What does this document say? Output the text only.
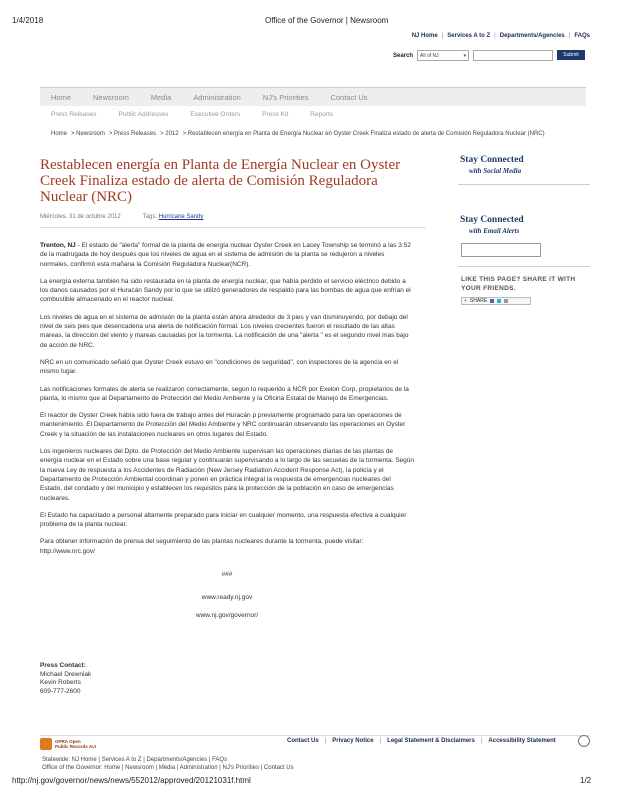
1/4/2018	Office of the Governor | Newsroom
NJ Home | Services A to Z | Departments/Agencies | FAQs
Search All of NJ	▾	Submit
Home	Newsroom	Media	Administration	NJ's Priorities	Contact Us
Press Releases	Public Addresses	Executive Orders	Press Kit	Reports
Home > Newsroom > Press Releases > 2012 > Restablecen energía en Planta de Energía Nuclear en Oyster Creek Finaliza estado de alerta de Comisión Reguladora Nuclear (NRC)
Restablecen energía en Planta de Energía Nuclear en Oyster Creek Finaliza estado de alerta de Comisión Reguladora Nuclear (NRC)
Miércoles, 31 de octubre 2012	Tags: Hurricane Sandy

Trenton, NJ - El estado de "alerta" formal de la planta de energía nuclear Oyster Creek en Lacey Township se terminó a las 3:52 de la madrugada de hoy después que los niveles de agua en el sistema de admisión de la planta se redujeron a niveles normales, confirmó esta mañana la Comisión Reguladora Nuclear(NCR).

La energía externa también ha sido restaurada en la planta de energía nuclear, que había perdido el servicio eléctrico debido a los danos causados por el Huracán Sandy por lo que se utilizó generadores de respaldo para las bombas de agua que enfrían el combustible almacenado en el reactor nuclear.

Los niveles de agua en el sistema de admisión de la planta están ahora alrededor de 3 pies y van disminuyendo, por debajo del nivel de seis pies que desencadena una alerta de notificación formal. Los niveles crecientes fueron el resultado de las altas mareas, la dirección del viento y mareas causadas por la tormenta. La notificación de una "alerta " es el segundo nivel mas bajo de acción de NRC.

NRC en un comunicado señaló que Oyster Creek estuvo en "condiciones de seguridad", con inspectores de la agencia en el mismo lugar.

Las notificaciones formales de alerta se realizaron correctamente, según lo requerido a NCR por Exelon Corp, propietarios de la planta, lo mismo que al Departamento de Protección del Medio Ambiente y la Oficina Estatal de Manejo de Emergencias.

El reactor de Oyster Creek había sido fuera de trabajo antes del Huracán p previamente programado para las operaciones de mantenimiento. El Departamento de Protección del Medio Ambiente y NRC continuarán observando las operaciones en Oyster Creek y la situación de las instalaciones nucleares en otros lugares del Estado.

Los ingenieros nucleares del Dpto. de Protección del Medio Ambiente supervisan las operaciones diarias de las plantas de energía nuclear en el Estado sobre una base regular y continuarán supervisando a lo largo de las secuelas de la tormenta. Según la nueva Ley de respuesta a los Accidentes de Radiación (New Jersey Radiation Accident Response Act), la policía y el Departamento de Protección Ambiental coordinan y ponen en práctica integral la respuesta de emergencias nucleares del Estado, del condado y del municipio y establecen los requisitos para la protección de la población en caso de emergencias nucleares.

El Estado ha capacitado a personal altamente preparado para iniciar en cualquier momento, una respuesta efectiva a cualquier problema de la planta nuclear.

Para obtener información de prensa del seguimiento de las plantas nucleares durante la tormenta, puede visitar:
http://www.nrc.gov/

###

www.ready.nj.gov

www.nj.gov/governor/

Press Contact:
Michael Drewniak
Kevin Roberts
609-777-2600
Stay Connected
with Social Media
Stay Connected
with Email Alerts
LIKE THIS PAGE? SHARE IT WITH YOUR FRIENDS.
+ SHARE
OPRA Open
Public Records Act
Contact Us | Privacy Notice | Legal Statement & Disclaimers | Accessibility Statement
Statewide: NJ Home | Services A to Z | Departments/Agencies | FAQs
Office of the Governor: Home | Newsroom | Media | Administration | NJ's Priorities | Contact Us
http://nj.gov/governor/news/news/552012/approved/20121031f.html	1/2
